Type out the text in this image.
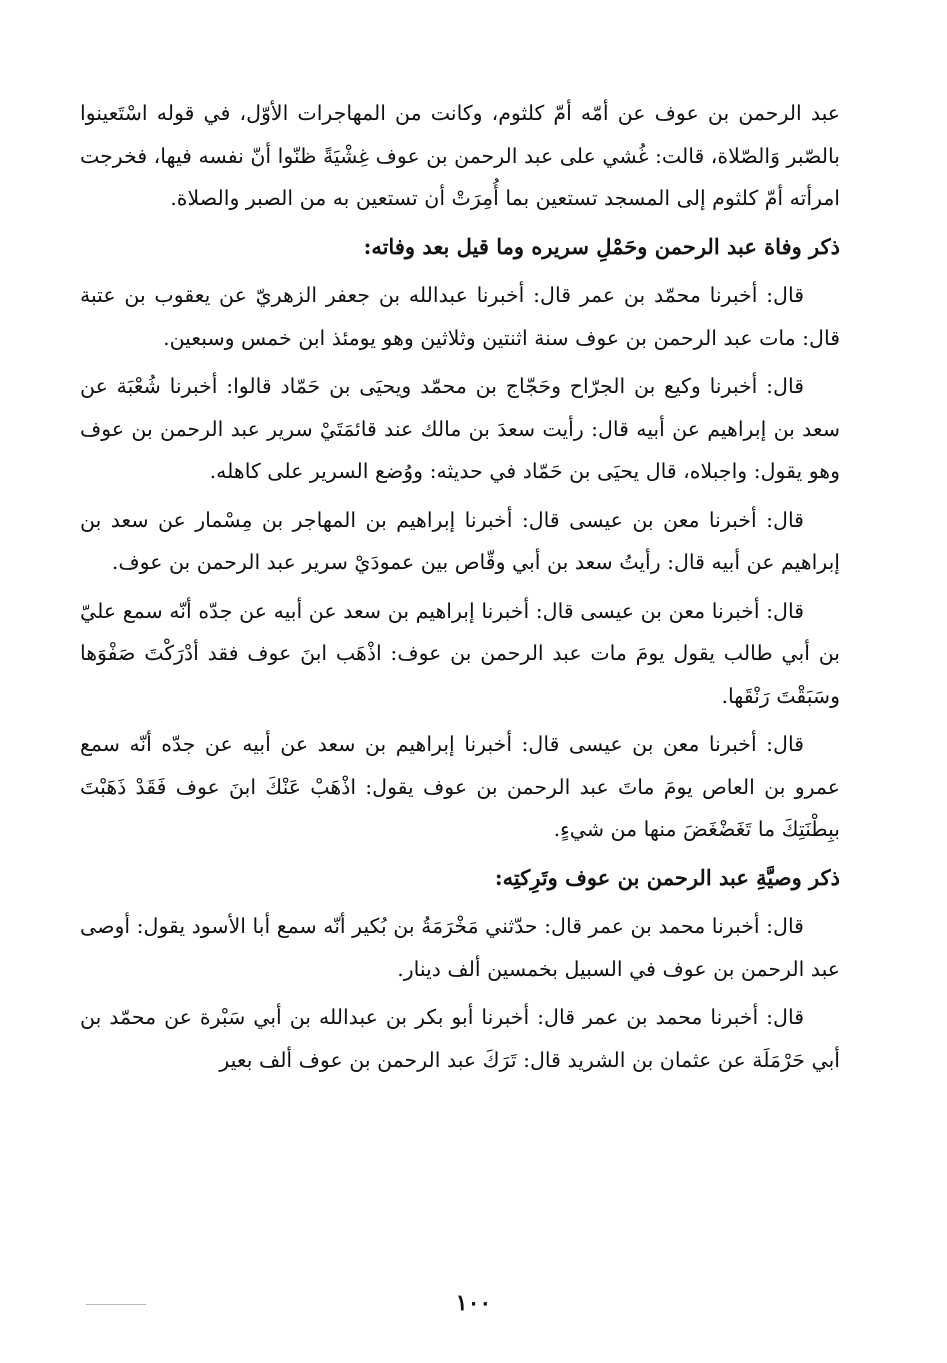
عبد الرحمن بن عوف عن أمّه أمّ كلثوم، وكانت من المهاجرات الأوّل، في قوله اسْتَعينوا بالصّبر وَالصّلاة، قالت: غُشي على عبد الرحمن بن عوف غِشْيَةً ظنّوا أنّ نفسه فيها، فخرجت امرأته أمّ كلثوم إلى المسجد تستعين بما أُمِرَتْ أن تستعين به من الصبر والصلاة.

ذكر وفاة عبد الرحمن وحَمْلِ سريره وما قيل بعد وفاته:

قال: أخبرنا محمّد بن عمر قال: أخبرنا عبدالله بن جعفر الزهريّ عن يعقوب بن عتبة قال: مات عبد الرحمن بن عوف سنة اثنتين وثلاثين وهو يومئذ ابن خمس وسبعين.

قال: أخبرنا وكيع بن الجرّاح وحَجّاج بن محمّد ويحيَى بن حَمّاد قالوا: أخبرنا شُعْبَة عن سعد بن إبراهيم عن أبيه قال: رأيت سعدَ بن مالك عند قائمَتَيْ سرير عبد الرحمن بن عوف وهو يقول: واجبلاه، قال يحيَى بن حَمّاد في حديثه: ووُضع السرير على كاهله.

قال: أخبرنا معن بن عيسى قال: أخبرنا إبراهيم بن المهاجر بن مِسْمار عن سعد بن إبراهيم عن أبيه قال: رأيتُ سعد بن أبي وقّاص بين عمودَيْ سرير عبد الرحمن بن عوف.

قال: أخبرنا معن بن عيسى قال: أخبرنا إبراهيم بن سعد عن أبيه عن جدّه أنّه سمع عليّ بن أبي طالب يقول يومَ مات عبد الرحمن بن عوف: اذْهَب ابنَ عوف فقد أدْرَكْتَ صَفْوَها وسَبَقْتَ رَنْقَها.

قال: أخبرنا معن بن عيسى قال: أخبرنا إبراهيم بن سعد عن أبيه عن جدّه أنّه سمع عمرو بن العاص يومَ ماتَ عبد الرحمن بن عوف يقول: اذْهَبْ عَنْكَ ابنَ عوف فَقَدْ ذَهَبْتَ ببِطْنَتِكَ ما تَغَضْغَضَ منها من شيءٍ.

ذكر وصيَّةِ عبد الرحمن بن عوف وتَرِكتِه:

قال: أخبرنا محمد بن عمر قال: حدّثني مَخْرَمَةُ بن بُكير أنّه سمع أبا الأسود يقول: أوصى عبد الرحمن بن عوف في السبيل بخمسين ألف دينار.

قال: أخبرنا محمد بن عمر قال: أخبرنا أبو بكر بن عبدالله بن أبي سَبْرة عن محمّد بن أبي حَرْمَلَة عن عثمان بن الشريد قال: تَرَكَ عبد الرحمن بن عوف ألف بعير

١٠٠
